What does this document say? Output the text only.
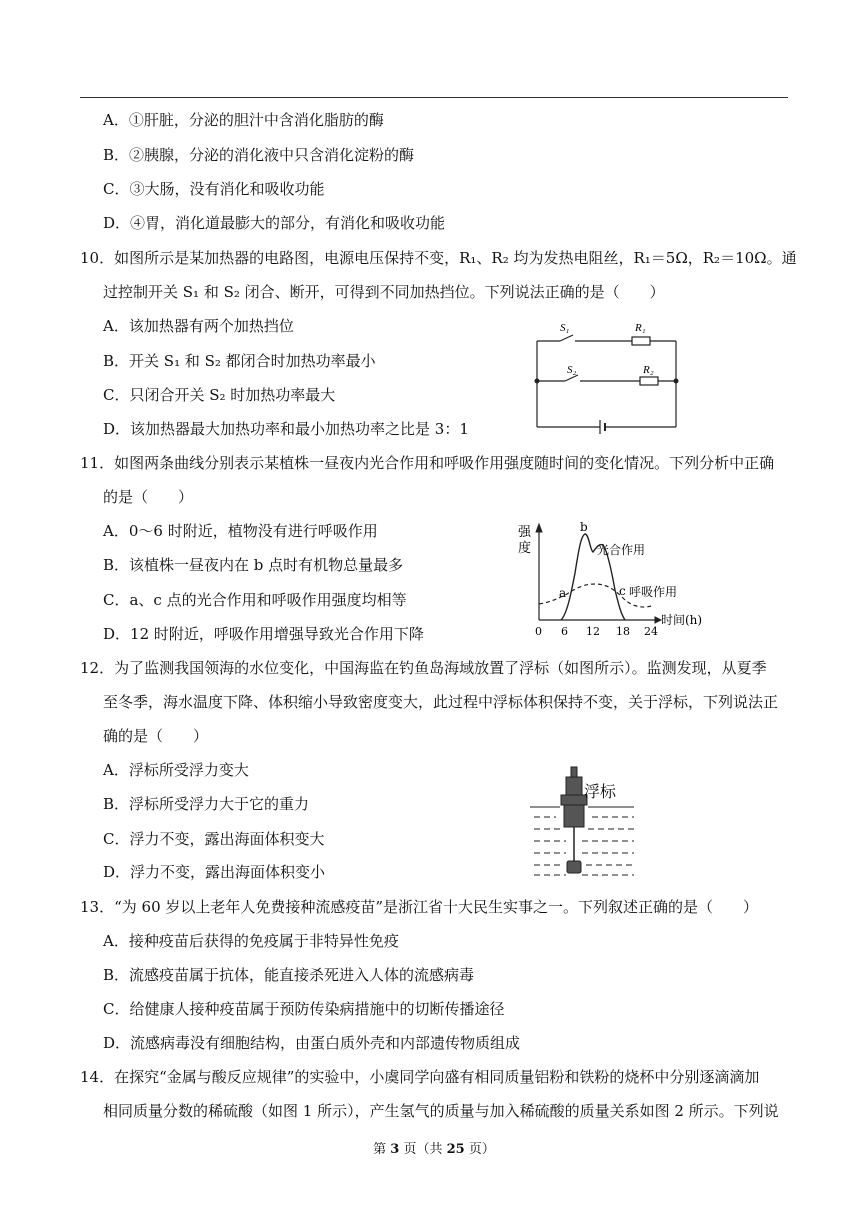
A．①肝脏，分泌的胆汁中含消化脂肪的酶
B．②胰腺，分泌的消化液中只含消化淀粉的酶
C．③大肠，没有消化和吸收功能
D．④胃，消化道最膨大的部分，有消化和吸收功能
10．如图所示是某加热器的电路图，电源电压保持不变，R₁、R₂ 均为发热电阻丝，R₁＝5Ω，R₂＝10Ω。通
过控制开关 S₁ 和 S₂ 闭合、断开，可得到不同加热挡位。下列说法正确的是（　　）
A．该加热器有两个加热挡位
B．开关 S₁ 和 S₂ 都闭合时加热功率最小
C．只闭合开关 S₂ 时加热功率最大
D．该加热器最大加热功率和最小加热功率之比是 3：1
S₁	R₁
S₂	R₂
11．如图两条曲线分别表示某植株一昼夜内光合作用和呼吸作用强度随时间的变化情况。下列分析中正确
的是（　　）
A．0～6 时附近，植物没有进行呼吸作用
B．该植株一昼夜内在 b 点时有机物总量最多
C．a、c 点的光合作用和呼吸作用强度均相等
D．12 时附近，呼吸作用增强导致光合作用下降
强
度
b
光合作用
a	c 呼吸作用
时间(h)
0 6 12 18 24
12．为了监测我国领海的水位变化，中国海监在钓鱼岛海域放置了浮标（如图所示）。监测发现，从夏季
至冬季，海水温度下降、体积缩小导致密度变大，此过程中浮标体积保持不变，关于浮标，下列说法正
确的是（　　）
A．浮标所受浮力变大
B．浮标所受浮力大于它的重力
C．浮力不变，露出海面体积变大
D．浮力不变，露出海面体积变小
浮标
13．“为 60 岁以上老年人免费接种流感疫苗”是浙江省十大民生实事之一。下列叙述正确的是（　　）
A．接种疫苗后获得的免疫属于非特异性免疫
B．流感疫苗属于抗体，能直接杀死进入人体的流感病毒
C．给健康人接种疫苗属于预防传染病措施中的切断传播途径
D．流感病毒没有细胞结构，由蛋白质外壳和内部遗传物质组成
14．在探究“金属与酸反应规律”的实验中，小虞同学向盛有相同质量铝粉和铁粉的烧杯中分别逐滴滴加
相同质量分数的稀硫酸（如图 1 所示），产生氢气的质量与加入稀硫酸的质量关系如图 2 所示。下列说
第 3 页（共 25 页）
